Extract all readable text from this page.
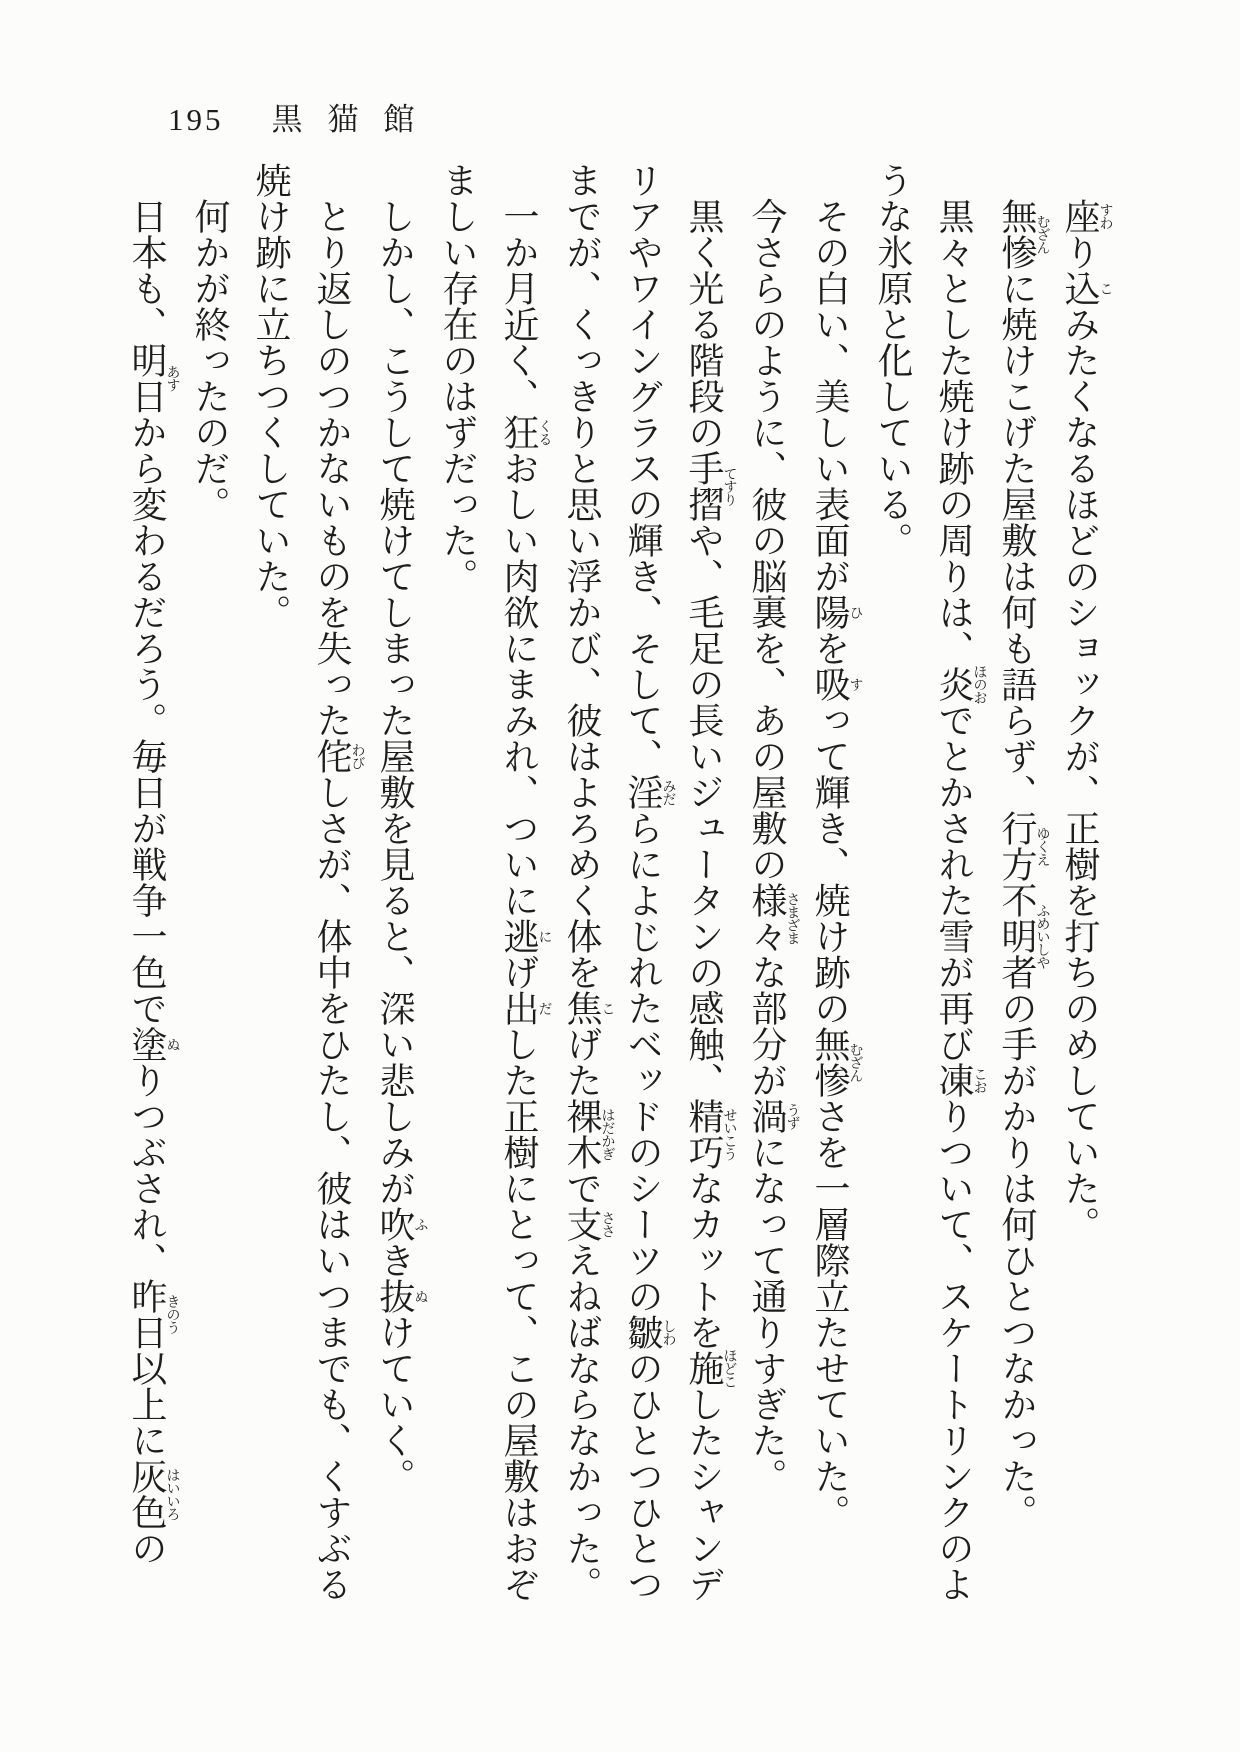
195 黒猫館

座すわり込こみたくなるほどのショックが、正樹を打ちのめしていた。

無惨むざんに焼けこげた屋敷は何も語らず、行方ゆくえ不明者ふめいしやの手がかりは何ひとつなかった。

黒々とした焼け跡の周りは、炎ほのおでとかされた雪が再び凍こおりついて、スケートリンクのような氷原と化している。

その白い、美しい表面が陽ひを吸すって輝き、焼け跡の無惨むざんさを一層際立たせていた。

今さらのように、彼の脳裏を、あの屋敷の様々さまざまな部分が渦うずになって通りすぎた。

黒く光る階段の手摺てすりや、毛足の長いジュータンの感触、精巧せいこうなカットを施ほどこしたシャンデリアやワイングラスの輝き、そして、淫みだらによじれたベッドのシーツの皺しわのひとつひとつまでが、くっきりと思い浮かび、彼はよろめく体を焦こげた裸木はだかぎで支ささえねばならなかった。

一か月近く、狂くるおしい肉欲にまみれ、ついに逃にげ出だした正樹にとって、この屋敷はおぞましい存在のはずだった。

しかし、こうして焼けてしまった屋敷を見ると、深い悲しみが吹ふき抜ぬけていく。

とり返しのつかないものを失った侘わびしさが、体中をひたし、彼はいつまでも、くすぶる焼け跡に立ちつくしていた。

何かが終ったのだ。

日本も、明日あすから変わるだろう。毎日が戦争一色で塗ぬりつぶされ、昨日きのう以上に灰色はいいろの
